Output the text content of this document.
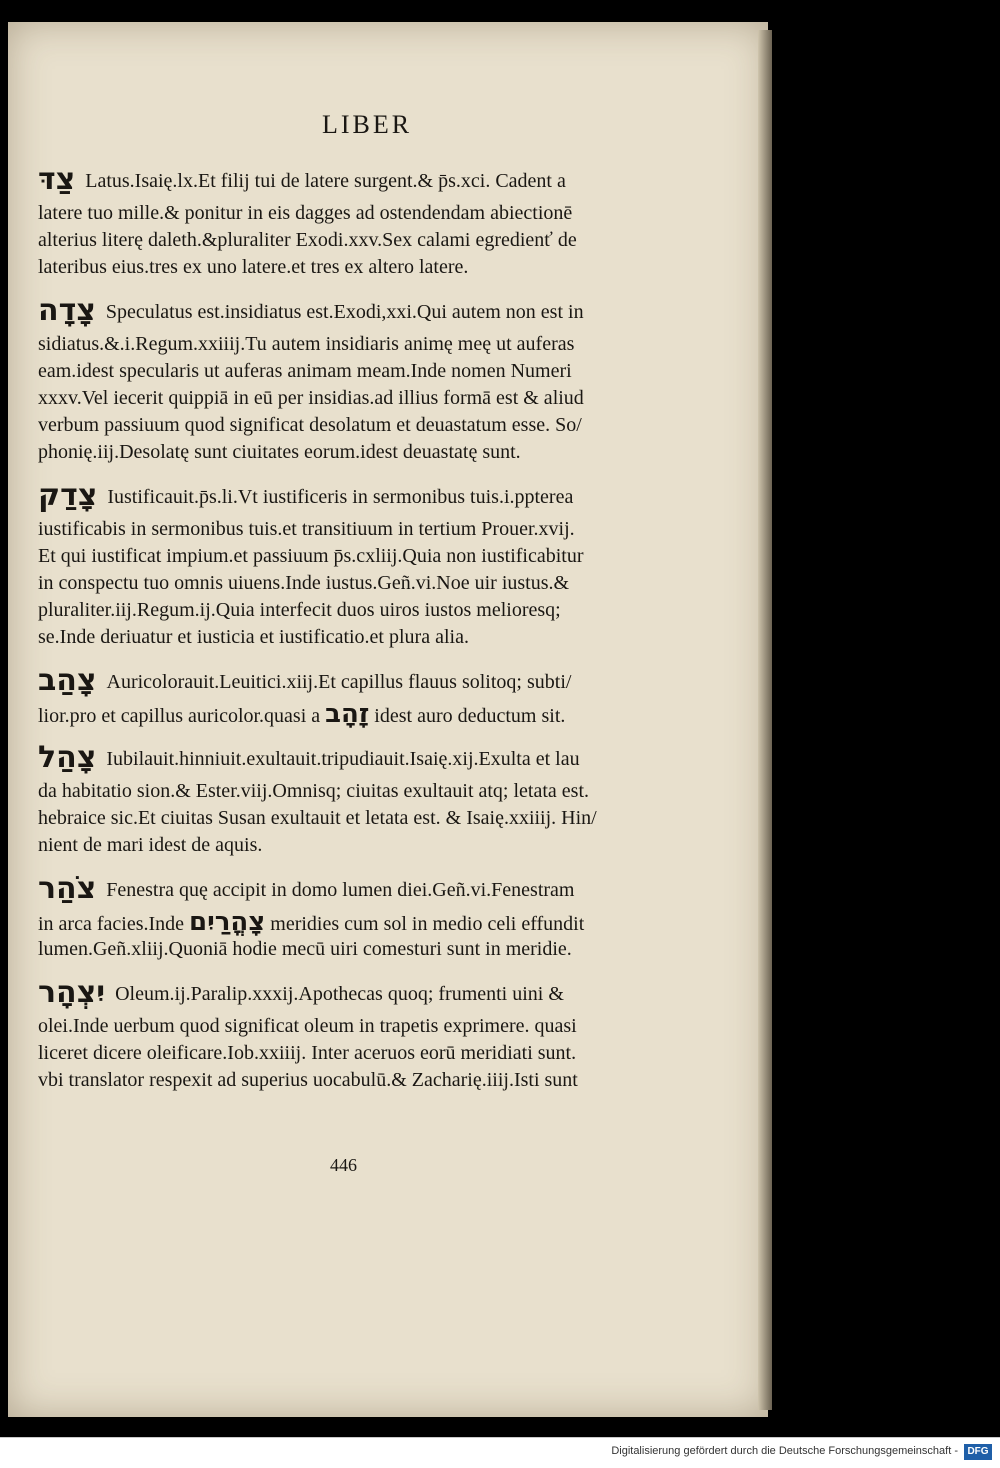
LIBER
צַדּ Latus.Isaię.lx.Et filij tui de latere surgent.& p̄s.xci. Cadent a
latere tuo mille.& ponitur in eis dagges ad ostendendam abiectionē
alterius literę daleth.&pluraliter Exodi.xxv.Sex calami egredienť de
lateribus eius.tres ex uno latere.et tres ex altero latere.
צָדָה Speculatus est.insidiatus est.Exodi,xxi.Qui autem non est in
sidiatus.&.i.Regum.xxiiij.Tu autem insidiaris animę meę ut auferas
eam.idest specularis ut auferas animam meam.Inde nomen Numeri
xxxv.Vel iecerit quippiā in eū per insidias.ad illius formā est & aliud
verbum passiuum quod significat desolatum et deuastatum esse. So/
phonię.iij.Desolatę sunt ciuitates eorum.idest deuastatę sunt.
צָדַק Iustificauit.p̄s.li.Vt iustificeris in sermonibus tuis.i.ppterea
iustificabis in sermonibus tuis.et transitiuum in tertium Prouer.xvij.
Et qui iustificat impium.et passiuum p̄s.cxliij.Quia non iustificabitur
in conspectu tuo omnis uiuens.Inde iustus.Geñ.vi.Noe uir iustus.&
pluraliter.iij.Regum.ij.Quia interfecit duos uiros iustos melioresq;
se.Inde deriuatur et iusticia et iustificatio.et plura alia.
צָהַב Auricolorauit.Leuitici.xiij.Et capillus flauus solitoq; subti/
lior.pro et capillus auricolor.quasi a זָהָב idest auro deductum sit.
צָהַל Iubilauit.hinniuit.exultauit.tripudiauit.Isaię.xij.Exulta et lau
da habitatio sion.& Ester.viij.Omnisq; ciuitas exultauit atq; letata est.
hebraice sic.Et ciuitas Susan exultauit et letata est. & Isaię.xxiiij. Hin/
nient de mari idest de aquis.
צֹהַר Fenestra quę accipit in domo lumen diei.Geñ.vi.Fenestram
in arca facies.Inde צָהֳרַיִם meridies cum sol in medio celi effundit
lumen.Geñ.xliij.Quoniā hodie mecū uiri comesturi sunt in meridie.
יִצְהָר Oleum.ij.Paralip.xxxij.Apothecas quoq; frumenti uini &
olei.Inde uerbum quod significat oleum in trapetis exprimere. quasi
liceret dicere oleificare.Iob.xxiiij. Inter aceruos eorū meridiati sunt.
vbi translator respexit ad superius uocabulū.& Zacharię.iiij.Isti sunt
446
Digitalisierung gefördert durch die Deutsche Forschungsgemeinschaft - DFG
